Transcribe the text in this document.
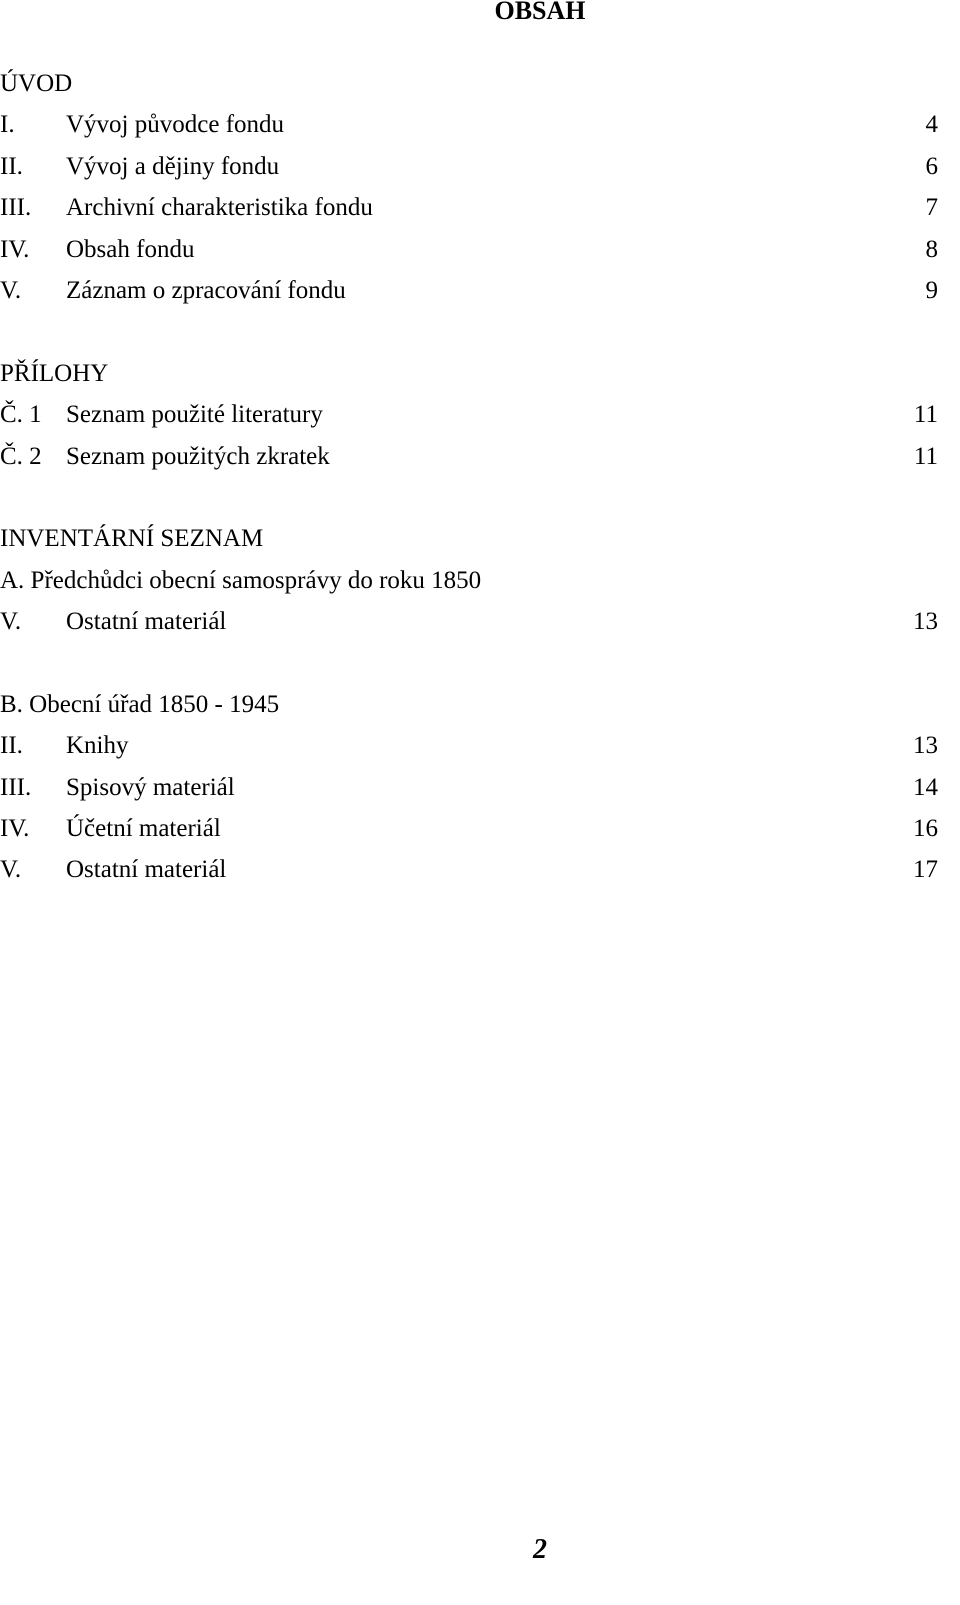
OBSAH
ÚVOD
I. Vývoj původce fondu	4
II. Vývoj a dějiny fondu	6
III. Archivní charakteristika fondu	7
IV. Obsah fondu	8
V. Záznam o zpracování fondu	9
PŘÍLOHY
Č. 1 Seznam použité literatury	11
Č. 2 Seznam použitých zkratek	11
INVENTÁRNÍ SEZNAM
A. Předchůdci obecní samosprávy do roku 1850
V. Ostatní materiál	13
B. Obecní úřad 1850 - 1945
II. Knihy	13
III. Spisový materiál	14
IV. Účetní materiál	16
V. Ostatní materiál	17
2
